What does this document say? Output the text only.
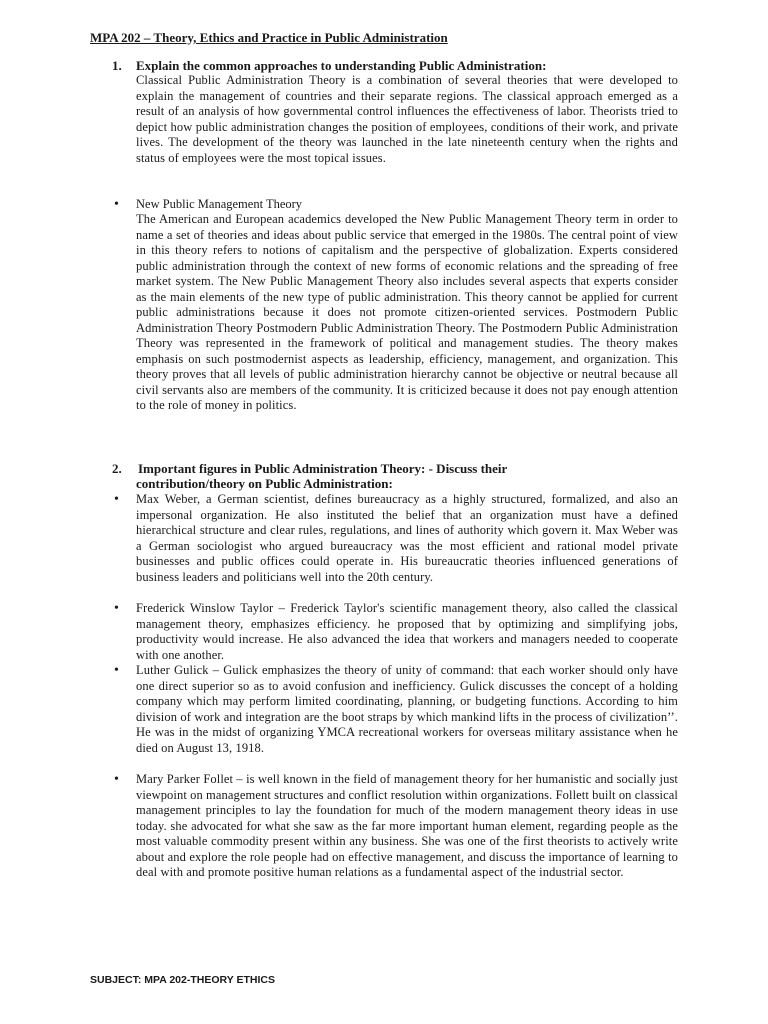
MPA 202 – Theory, Ethics and Practice in Public Administration
1. Explain the common approaches to understanding Public Administration:

Classical Public Administration Theory is a combination of several theories that were developed to explain the management of countries and their separate regions. The classical approach emerged as a result of an analysis of how governmental control influences the effectiveness of labor. Theorists tried to depict how public administration changes the position of employees, conditions of their work, and private lives. The development of the theory was launched in the late nineteenth century when the rights and status of employees were the most topical issues.

• New Public Management Theory

The American and European academics developed the New Public Management Theory term in order to name a set of theories and ideas about public service that emerged in the 1980s. The central point of view in this theory refers to notions of capitalism and the perspective of globalization. Experts considered public administration through the context of new forms of economic relations and the spreading of free market system. The New Public Management Theory also includes several aspects that experts consider as the main elements of the new type of public administration. This theory cannot be applied for current public administrations because it does not promote citizen-oriented services. Postmodern Public Administration Theory Postmodern Public Administration Theory. The Postmodern Public Administration Theory was represented in the framework of political and management studies. The theory makes emphasis on such postmodernist aspects as leadership, efficiency, management, and organization. This theory proves that all levels of public administration hierarchy cannot be objective or neutral because all civil servants also are members of the community. It is criticized because it does not pay enough attention to the role of money in politics.

2. Important figures in Public Administration Theory: - Discuss their
contribution/theory on Public Administration:
• Max Weber, a German scientist, defines bureaucracy as a highly structured, formalized, and also an impersonal organization. He also instituted the belief that an organization must have a defined hierarchical structure and clear rules, regulations, and lines of authority which govern it. Max Weber was a German sociologist who argued bureaucracy was the most efficient and rational model private businesses and public offices could operate in. His bureaucratic theories influenced generations of business leaders and politicians well into the 20th century.

• Frederick Winslow Taylor – Frederick Taylor's scientific management theory, also called the classical management theory, emphasizes efficiency. he proposed that by optimizing and simplifying jobs, productivity would increase. He also advanced the idea that workers and managers needed to cooperate with one another.

• Luther Gulick – Gulick emphasizes the theory of unity of command: that each worker should only have one direct superior so as to avoid confusion and inefficiency. Gulick discusses the concept of a holding company which may perform limited coordinating, planning, or budgeting functions. According to him division of work and integration are the boot straps by which mankind lifts in the process of civilization’’. He was in the midst of organizing YMCA recreational workers for overseas military assistance when he died on August 13, 1918.

• Mary Parker Follet – is well known in the field of management theory for her humanistic and socially just viewpoint on management structures and conflict resolution within organizations. Follett built on classical management principles to lay the foundation for much of the modern management theory ideas in use today. she advocated for what she saw as the far more important human element, regarding people as the most valuable commodity present within any business. She was one of the first theorists to actively write about and explore the role people had on effective management, and discuss the importance of learning to deal with and promote positive human relations as a fundamental aspect of the industrial sector.

SUBJECT: MPA 202-THEORY ETHICS
